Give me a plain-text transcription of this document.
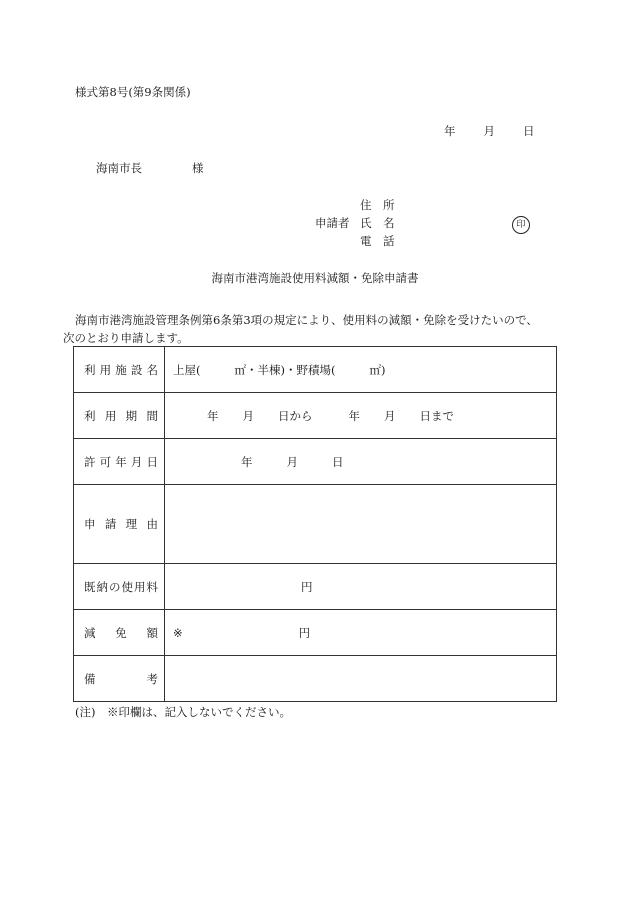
様式第8号(第9条関係)
年 月 日
海南市長	様
住　所
申請者 氏　名
電　話
印
海南市港湾施設使用料減額・免除申請書
海南市港湾施設管理条例第6条第3項の規定により、使用料の減額・免除を受けたいので、
次のとおり申請します。
利用施設名	上屋( ㎡・半棟)・野積場( ㎡)
利用期間	年 月 日から 年 月 日まで
許可年月日	年 月 日
申請理由	
既納の使用料	円
減　免　額	※ 円
備　　　考	
(注)　※印欄は、記入しないでください。
